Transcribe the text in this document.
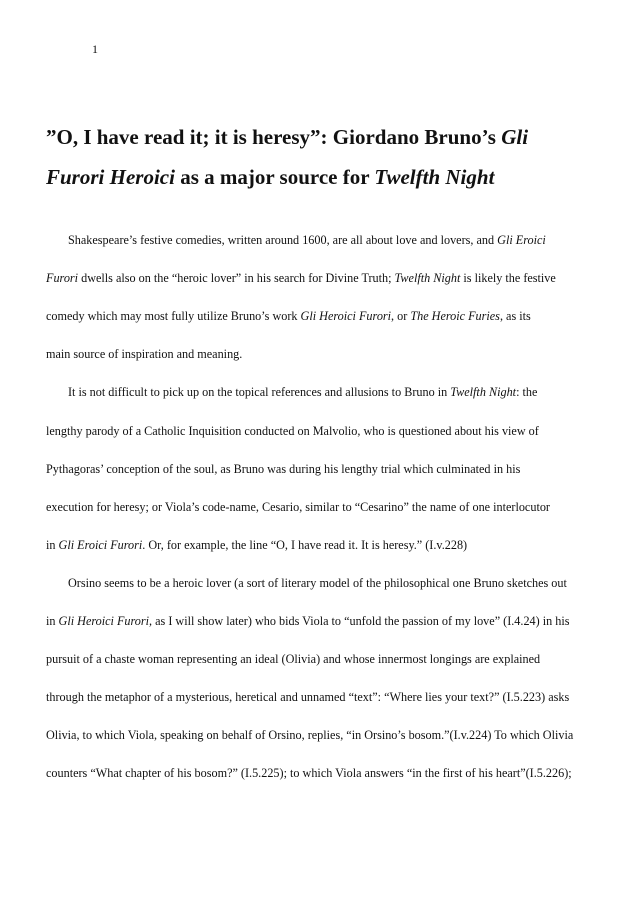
1
”O, I have read it; it is heresy”: Giordano Bruno’s Gli
Furori Heroici as a major source for Twelfth Night
Shakespeare’s festive comedies, written around 1600, are all about love and lovers, and Gli Eroici
Furori dwells also on the “heroic lover” in his search for Divine Truth; Twelfth Night is likely the festive
comedy which may most fully utilize Bruno’s work Gli Heroici Furori, or The Heroic Furies, as its
main source of inspiration and meaning.
It is not difficult to pick up on the topical references and allusions to Bruno in Twelfth Night: the
lengthy parody of a Catholic Inquisition conducted on Malvolio, who is questioned about his view of
Pythagoras’ conception of the soul, as Bruno was during his lengthy trial which culminated in his
execution for heresy; or Viola’s code-name, Cesario, similar to “Cesarino” the name of one interlocutor
in Gli Eroici Furori. Or, for example, the line “O, I have read it. It is heresy.” (I.v.228)
Orsino seems to be a heroic lover (a sort of literary model of the philosophical one Bruno sketches out
in Gli Heroici Furori, as I will show later) who bids Viola to “unfold the passion of my love” (I.4.24) in his
pursuit of a chaste woman representing an ideal (Olivia) and whose innermost longings are explained
through the metaphor of a mysterious, heretical and unnamed “text”: “Where lies your text?” (I.5.223) asks
Olivia, to which Viola, speaking on behalf of Orsino, replies, “in Orsino’s bosom.”(I.v.224) To which Olivia
counters “What chapter of his bosom?” (I.5.225); to which Viola answers “in the first of his heart”(I.5.226);
